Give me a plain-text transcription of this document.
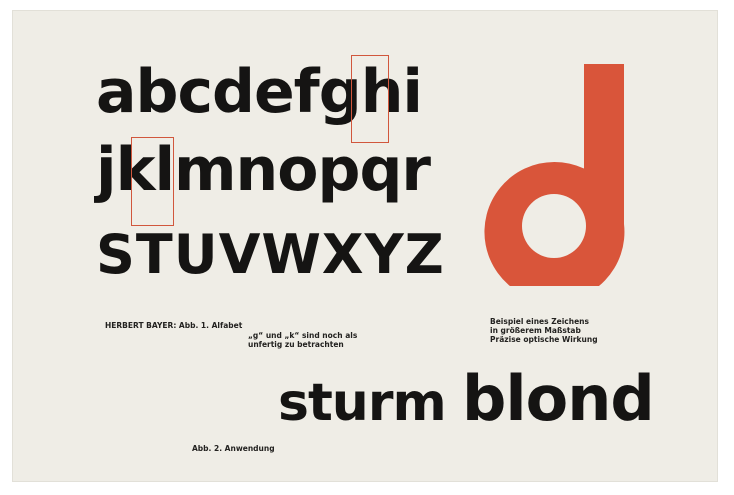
abcdefghi

jklmnopqr

STUVWXYZ

HERBERT BAYER: Abb. 1. Alfabet

„g“ und „k“ sind noch als

unfertig zu betrachten

Beispiel eines Zeichens

in größerem Maßstab

Präzise optische Wirkung

sturm blond

Abb. 2. Anwendung
